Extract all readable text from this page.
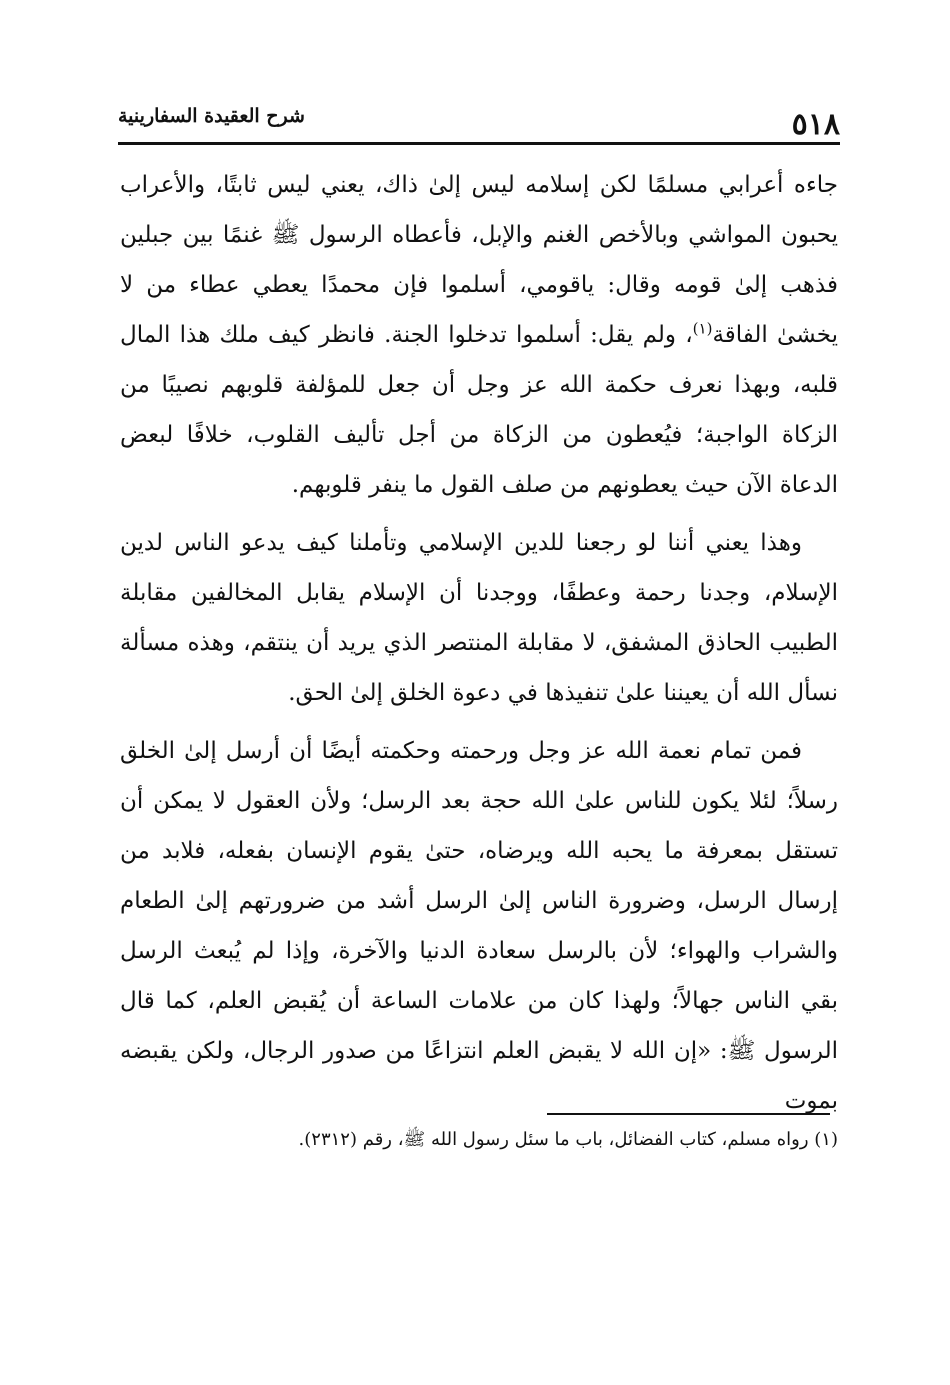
٥١٨
شرح العقيدة السفارينية

جاءه أعرابي مسلمًا لكن إسلامه ليس إلىٰ ذاك، يعني ليس ثابتًا، والأعراب يحبون المواشي وبالأخص الغنم والإبل، فأعطاه الرسول ﷺ غنمًا بين جبلين فذهب إلىٰ قومه وقال: ياقومي، أسلموا فإن محمدًا يعطي عطاء من لا يخشىٰ الفاقة$^{(١)}$، ولم يقل: أسلموا تدخلوا الجنة. فانظر كيف ملك هذا المال قلبه، وبهذا نعرف حكمة الله عز وجل أن جعل للمؤلفة قلوبهم نصيبًا من الزكاة الواجبة؛ فيُعطون من الزكاة من أجل تأليف القلوب، خلافًا لبعض الدعاة الآن حيث يعطونهم من صلف القول ما ينفر قلوبهم.

وهذا يعني أننا لو رجعنا للدين الإسلامي وتأملنا كيف يدعو الناس لدين الإسلام، وجدنا رحمة وعطفًا، ووجدنا أن الإسلام يقابل المخالفين مقابلة الطبيب الحاذق المشفق، لا مقابلة المنتصر الذي يريد أن ينتقم، وهذه مسألة نسأل الله أن يعيننا علىٰ تنفيذها في دعوة الخلق إلىٰ الحق.

فمن تمام نعمة الله عز وجل ورحمته وحكمته أيضًا أن أرسل إلىٰ الخلق رسلاً؛ لئلا يكون للناس علىٰ الله حجة بعد الرسل؛ ولأن العقول لا يمكن أن تستقل بمعرفة ما يحبه الله ويرضاه، حتىٰ يقوم الإنسان بفعله، فلابد من إرسال الرسل، وضرورة الناس إلىٰ الرسل أشد من ضرورتهم إلىٰ الطعام والشراب والهواء؛ لأن بالرسل سعادة الدنيا والآخرة، وإذا لم يُبعث الرسل بقي الناس جهالاً؛ ولهذا كان من علامات الساعة أن يُقبض العلم، كما قال الرسول ﷺ: «إن الله لا يقبض العلم انتزاعًا من صدور الرجال، ولكن يقبضه بموت

(١) رواه مسلم، كتاب الفضائل، باب ما سئل رسول الله ﷺ، رقم (٢٣١٢).
